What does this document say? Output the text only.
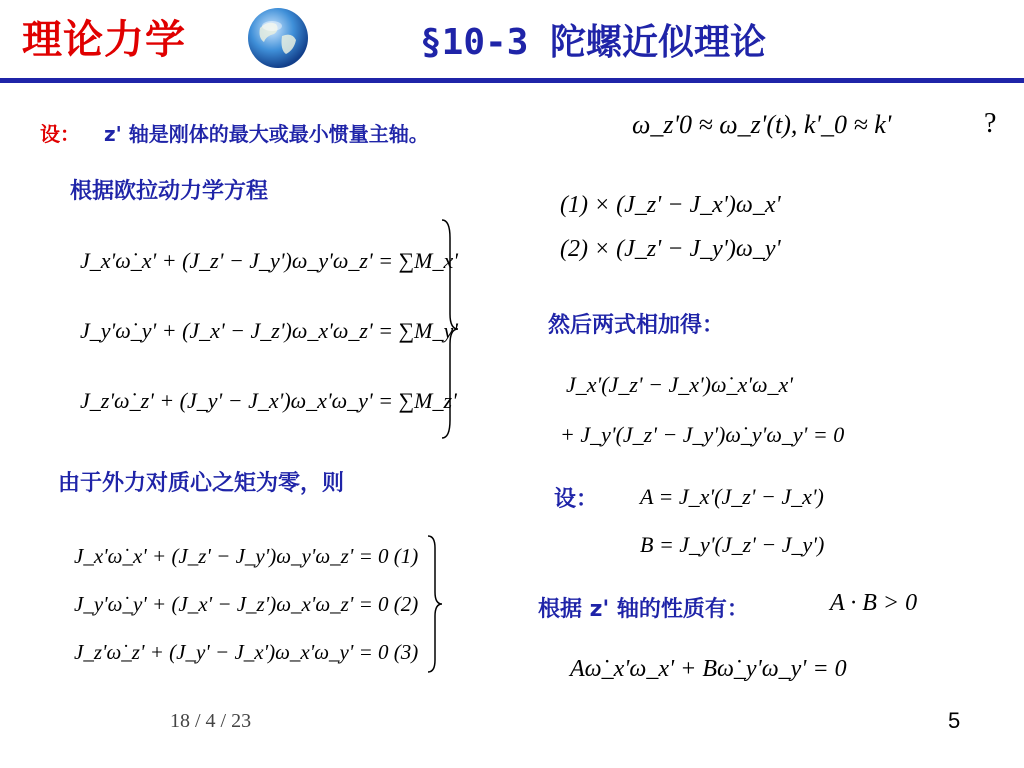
理论力学	§10-3 陀螺近似理论
设： z' 轴是刚体的最大或最小惯量主轴。	ω_z'0 ≈ ω_z'(t), k'_0 ≈ k'	?
根据欧拉动力学方程
J_x'ω̇_x' + (J_z' − J_y')ω_y'ω_z' = ∑M_x'
J_y'ω̇_y' + (J_x' − J_z')ω_x'ω_z' = ∑M_y'
J_z'ω̇_z' + (J_y' − J_x')ω_x'ω_y' = ∑M_z'
由于外力对质心之矩为零，则
J_x'ω̇_x' + (J_z' − J_y')ω_y'ω_z' = 0 (1)
J_y'ω̇_y' + (J_x' − J_z')ω_x'ω_z' = 0 (2)
J_z'ω̇_z' + (J_y' − J_x')ω_x'ω_y' = 0 (3)
(1) × (J_z' − J_x')ω_x'
(2) × (J_z' − J_y')ω_y'
然后两式相加得：
J_x'(J_z' − J_x')ω̇_x'ω_x'
+ J_y'(J_z' − J_y')ω̇_y'ω_y' = 0
设： A = J_x'(J_z' − J_x')
B = J_y'(J_z' − J_y')
根据 z' 轴的性质有：	A · B > 0
Aω̇_x'ω_x' + Bω̇_y'ω_y' = 0
18 / 4 / 23	5
